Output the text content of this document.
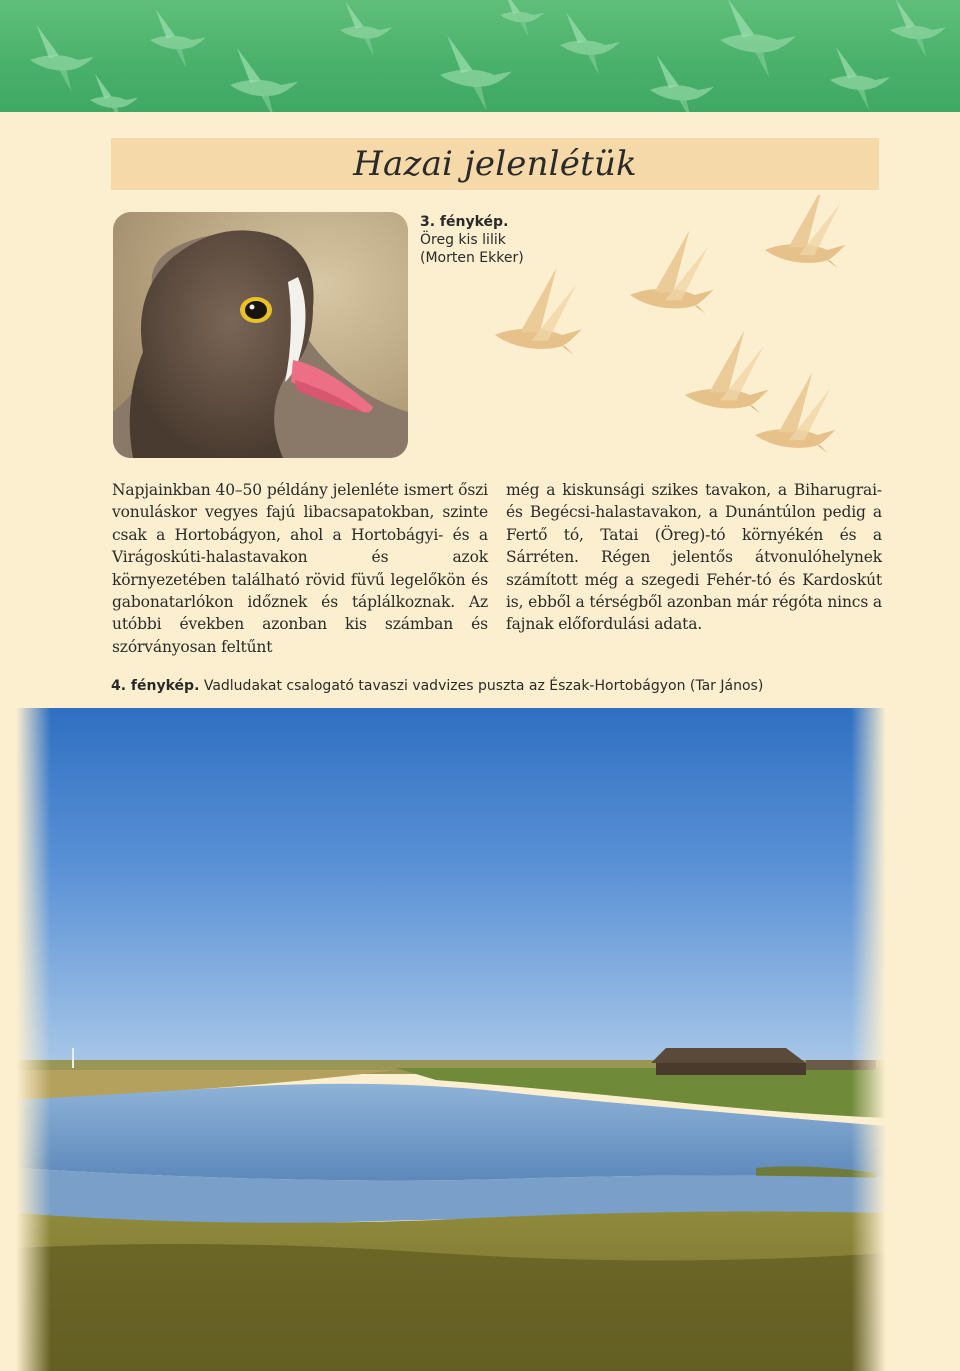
Hazai jelenlétük
3. fénykép.
Öreg kis lilik
(Morten Ekker)
Napjainkban 40–50 példány jelenléte ismert őszi vonuláskor vegyes fajú libacsapatokban, szinte csak a Hortobágyon, ahol a Hortobágyi- és a Virágoskúti-halastavakon és azok környezetében található rövid füvű legelőkön és gabonatarlókon időznek és táplálkoznak. Az utóbbi években azonban kis számban és szórványosan feltűnt
még a kiskunsági szikes tavakon, a Biharugrai- és Begécsi-halastavakon, a Dunántúlon pedig a Fertő tó, Tatai (Öreg)-tó környékén és a Sárréten. Régen jelentős átvonulóhelynek számított még a szegedi Fehér-tó és Kardoskút is, ebből a térségből azonban már régóta nincs a fajnak előfordulási adata.
4. fénykép. Vadludakat csalogató tavaszi vadvizes puszta az Észak-Hortobágyon (Tar János)
